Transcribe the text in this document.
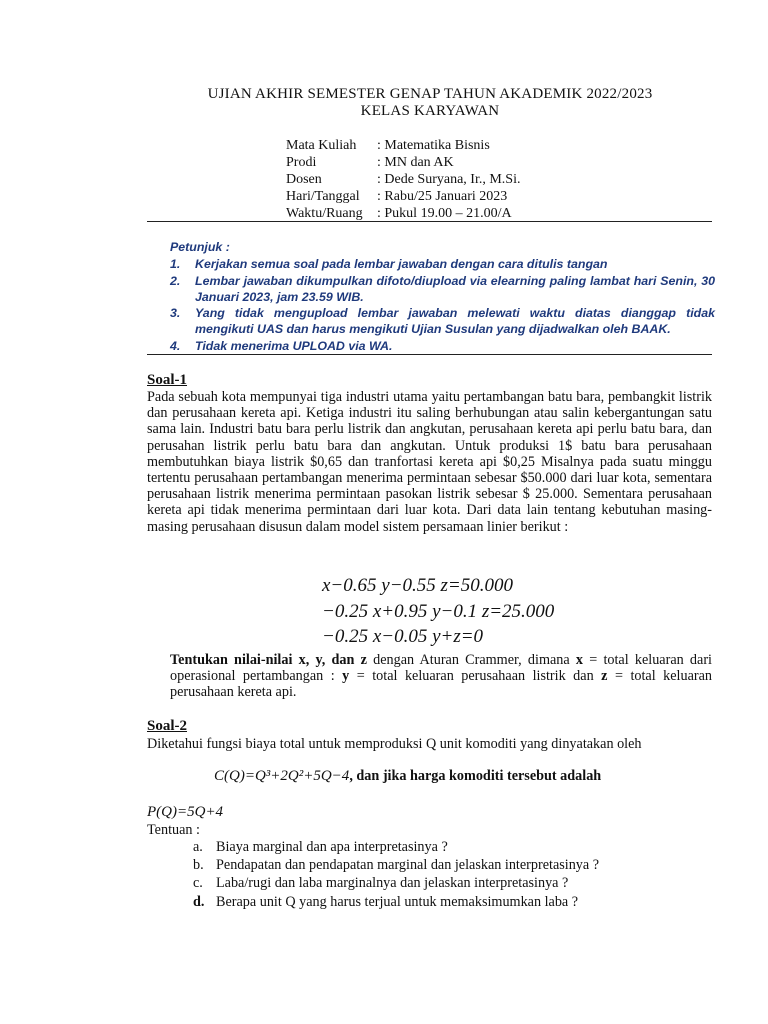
UJIAN AKHIR SEMESTER GENAP TAHUN AKADEMIK 2022/2023
KELAS KARYAWAN
Mata Kuliah	: Matematika Bisnis
Prodi	: MN dan AK
Dosen	: Dede Suryana, Ir., M.Si.
Hari/Tanggal	: Rabu/25 Januari 2023
Waktu/Ruang	: Pukul 19.00 – 21.00/A
Petunjuk :
1.	Kerjakan semua soal pada lembar jawaban dengan cara ditulis tangan
2.	Lembar jawaban dikumpulkan difoto/diupload via elearning paling lambat hari Senin, 30 Januari 2023, jam 23.59 WIB.
3.	Yang tidak mengupload lembar jawaban melewati waktu diatas dianggap tidak mengikuti UAS dan harus mengikuti Ujian Susulan yang dijadwalkan oleh BAAK.
4.	Tidak menerima UPLOAD via WA.
Soal-1
Pada sebuah kota mempunyai tiga industri utama yaitu pertambangan batu bara, pembangkit listrik dan perusahaan kereta api. Ketiga industri itu saling berhubungan atau salin kebergantungan satu sama lain. Industri batu bara perlu listrik dan angkutan, perusahaan kereta api perlu batu bara, dan perusahan listrik perlu batu bara dan angkutan. Untuk produksi 1$ batu bara perusahaan membutuhkan biaya listrik $0,65 dan tranfortasi kereta api $0,25 Misalnya pada suatu minggu tertentu perusahaan pertambangan menerima permintaan sebesar $50.000 dari luar kota, sementara perusahaan listrik menerima permintaan pasokan listrik sebesar $ 25.000. Sementara perusahaan kereta api tidak menerima permintaan dari luar kota. Dari data lain tentang kebutuhan masing-masing perusahaan disusun dalam model sistem persamaan linier berikut :
x−0.65 y−0.55 z=50.000
−0.25 x+0.95 y−0.1 z=25.000
−0.25 x−0.05 y+z=0
Tentukan nilai-nilai x, y, dan z dengan Aturan Crammer, dimana x = total keluaran dari operasional pertambangan : y = total keluaran perusahaan listrik dan z = total keluaran perusahaan kereta api.
Soal-2
Diketahui fungsi biaya total untuk memproduksi Q unit komoditi yang dinyatakan oleh
C(Q)=Q³+2Q²+5Q−4, dan jika harga komoditi tersebut adalah
P(Q)=5Q+4
Tentuan :
a. Biaya marginal dan apa interpretasinya ?
b. Pendapatan dan pendapatan marginal dan jelaskan interpretasinya ?
c. Laba/rugi dan laba marginalnya dan jelaskan interpretasinya ?
d. Berapa unit Q yang harus terjual untuk memaksimumkan laba ?
